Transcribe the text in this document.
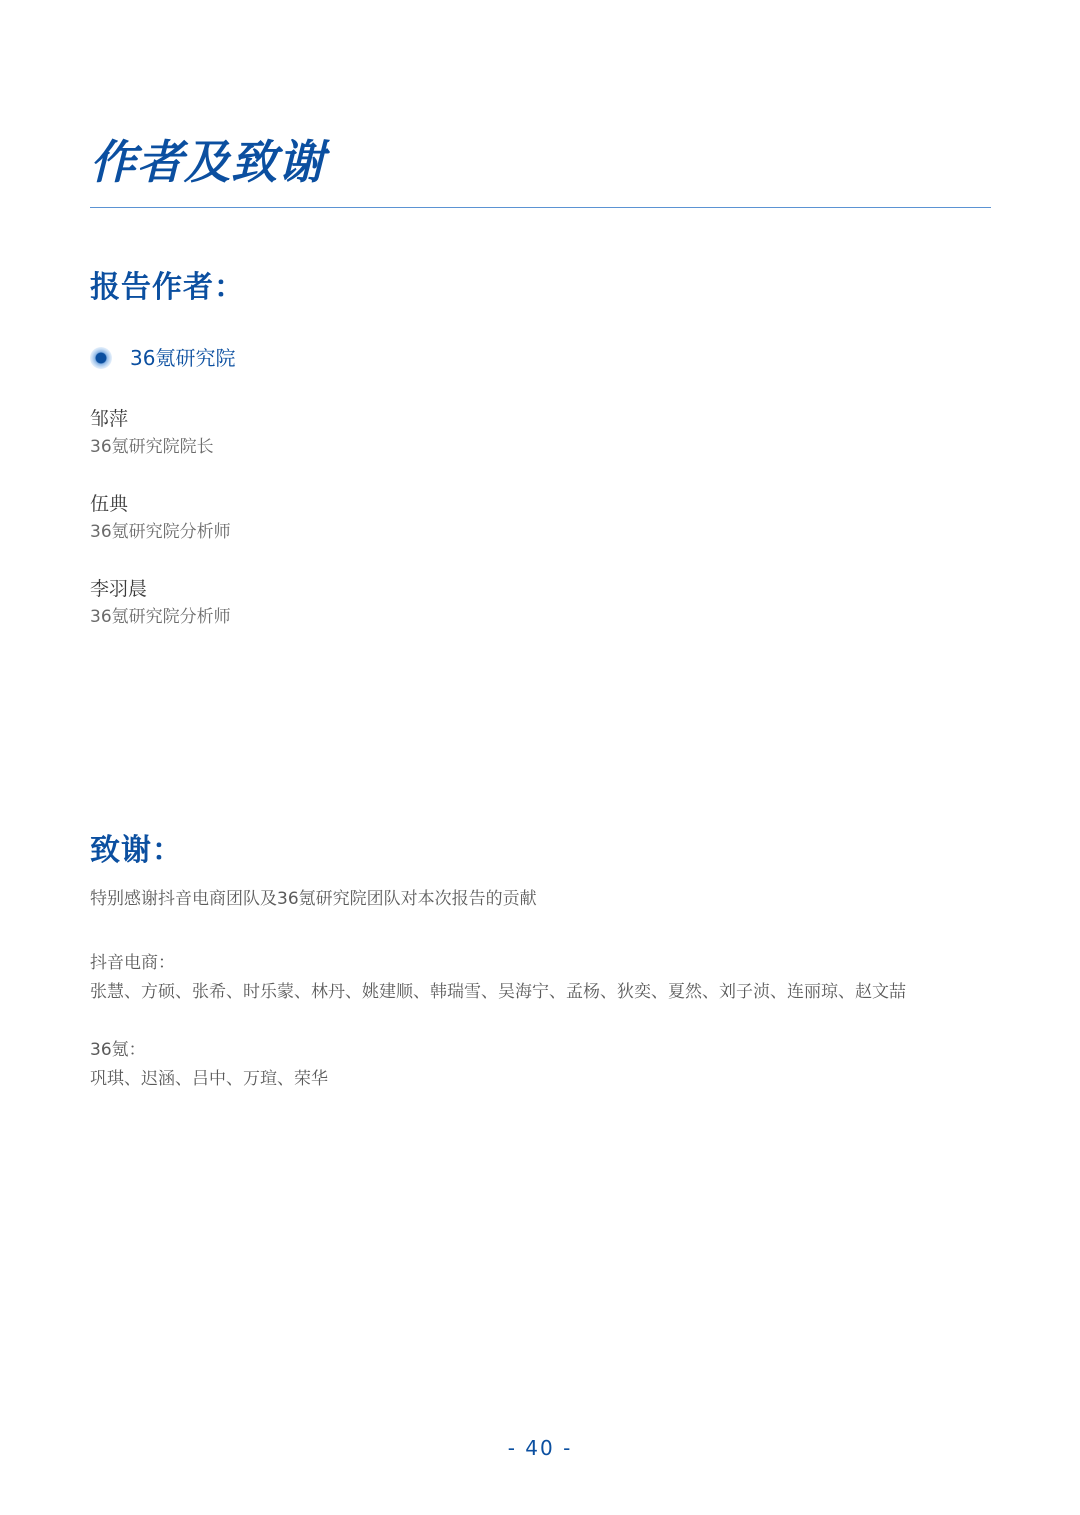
作者及致谢
报告作者：
36氪研究院
邹萍
36氪研究院院长
伍典
36氪研究院分析师
李羽晨
36氪研究院分析师
致谢：

特别感谢抖音电商团队及36氪研究院团队对本次报告的贡献

抖音电商：

张慧、方硕、张希、时乐蒙、林丹、姚建顺、韩瑞雪、吴海宁、孟杨、狄奕、夏然、刘子浈、连丽琼、赵文喆

36氪：

巩琪、迟涵、吕中、万瑄、荣华

- 40 -
